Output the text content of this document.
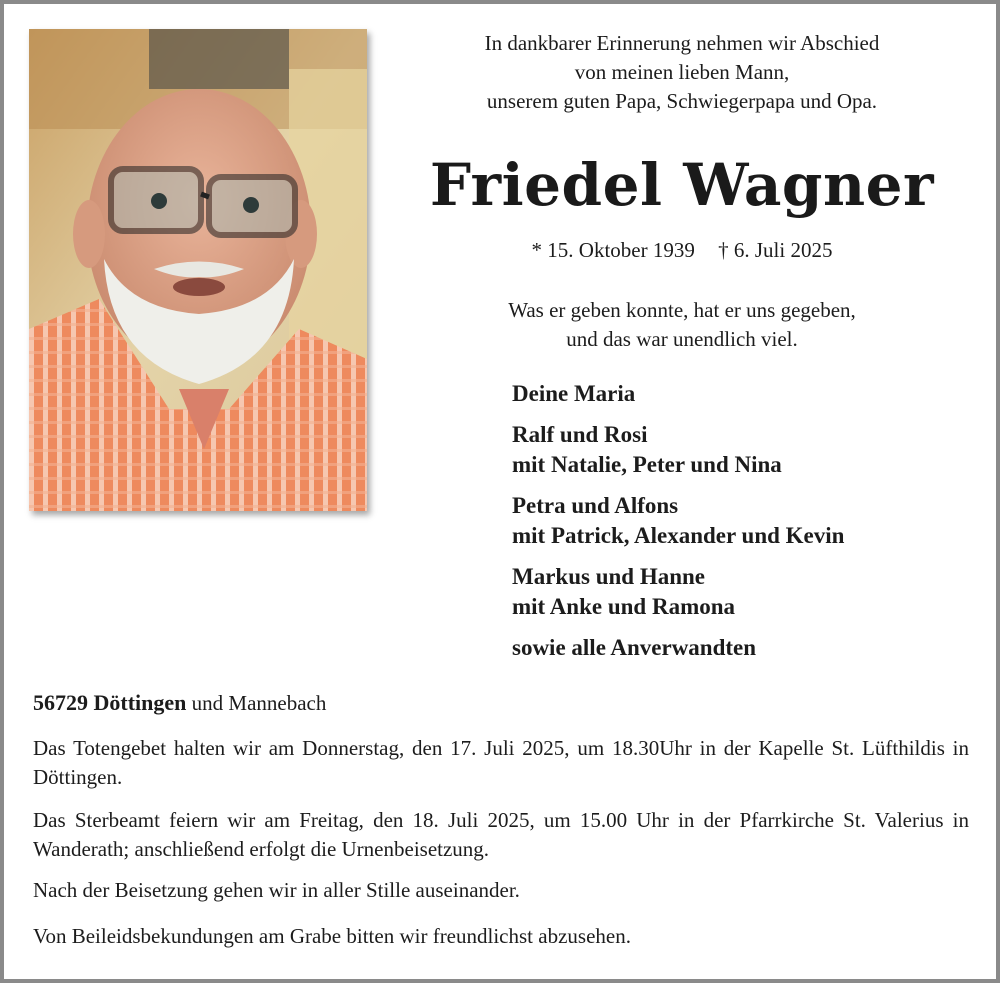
In dankbarer Erinnerung nehmen wir Abschied
von meinen lieben Mann,
unserem guten Papa, Schwiegerpapa und Opa.
Friedel Wagner
* 15. Oktober 1939 † 6. Juli 2025
Was er geben konnte, hat er uns gegeben,
und das war unendlich viel.
Deine Maria
Ralf und Rosi
mit Natalie, Peter und Nina
Petra und Alfons
mit Patrick, Alexander und Kevin
Markus und Hanne
mit Anke und Ramona
sowie alle Anverwandten
56729 Döttingen und Mannebach
Das Totengebet halten wir am Donnerstag, den 17. Juli 2025, um 18.30Uhr in der Kapelle St. Lüfthildis in Döttingen.
Das Sterbeamt feiern wir am Freitag, den 18. Juli 2025, um 15.00 Uhr in der Pfarrkirche St. Valerius in Wanderath; anschließend erfolgt die Urnenbeisetzung.
Nach der Beisetzung gehen wir in aller Stille auseinander.
Von Beileidsbekundungen am Grabe bitten wir freundlichst abzusehen.
